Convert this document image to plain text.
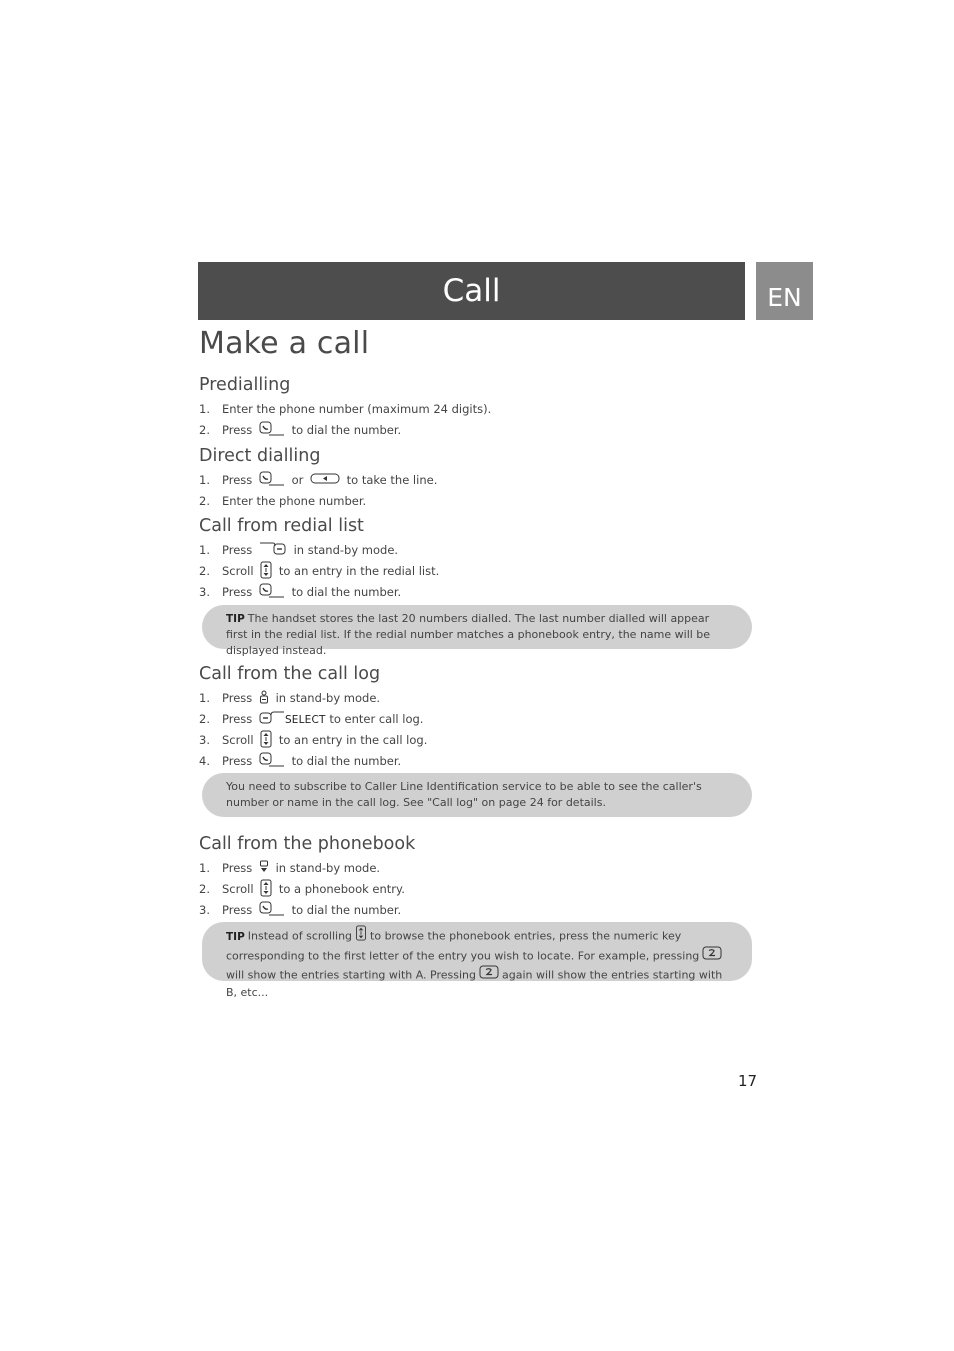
Call	EN
Make a call
Predialling
1. Enter the phone number (maximum 24 digits).
2. Press	to dial the number.
Direct dialling
1. Press	or	to take the line.
2. Enter the phone number.
Call from redial list
1. Press	in stand-by mode.
2. Scroll to an entry in the redial list.
3. Press	to dial the number.
TIP The handset stores the last 20 numbers dialled. The last number dialled will appear first in the redial list. If the redial number matches a phonebook entry, the name will be displayed instead.
Call from the call log
1. Press in stand-by mode.
2. Press	SELECT to enter call log.
3. Scroll to an entry in the call log.
4. Press	to dial the number.
You need to subscribe to Caller Line Identification service to be able to see the caller's number or name in the call log. See "Call log" on page 24 for details.
Call from the phonebook
1. Press in stand-by mode.
2. Scroll to a phonebook entry.
3. Press	to dial the number.
TIP Instead of scrolling to browse the phonebook entries, press the numeric key corresponding to the first letter of the entry you wish to locate. For example, pressingwill show the entries starting with A. Pressing again will show the entries starting with B, etc...
17
